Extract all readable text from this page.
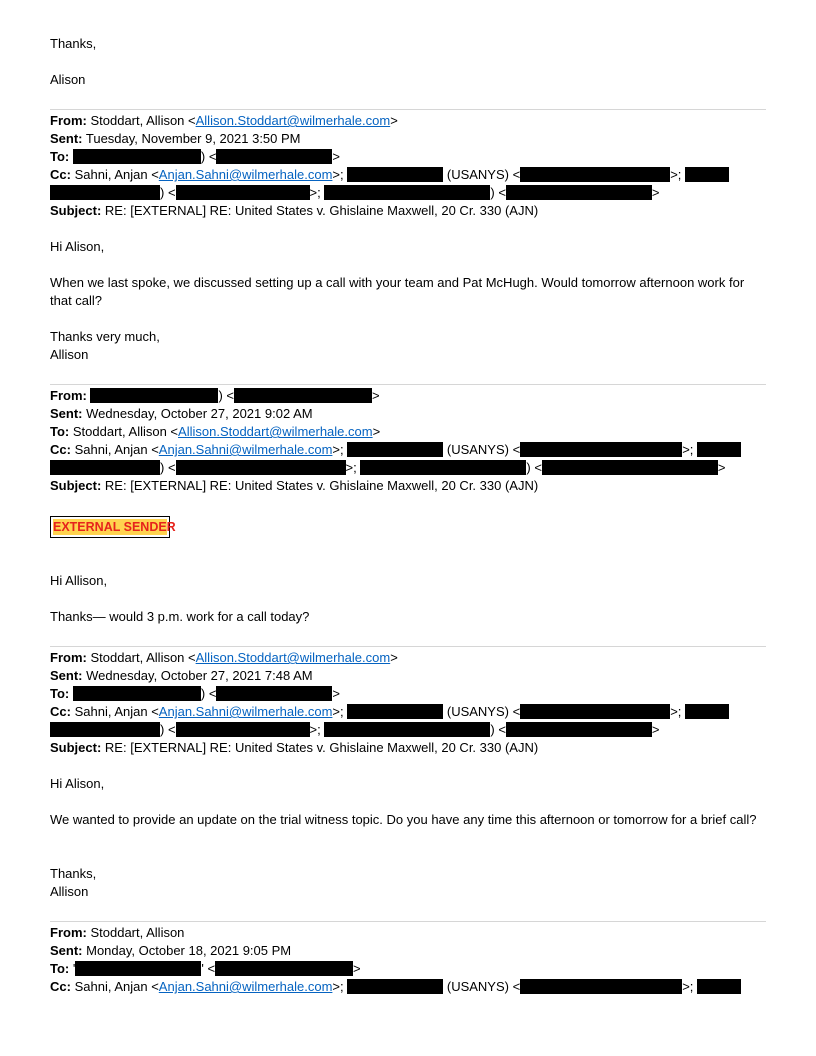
Thanks,
Alison
From: Stoddart, Allison <Allison.Stoddart@wilmerhale.com>
Sent: Tuesday, November 9, 2021 3:50 PM
To:	) <	>
Cc: Sahni, Anjan <Anjan.Sahni@wilmerhale.com>;	(USANYS) <	>;
) <	>;	) <	>
Subject: RE: [EXTERNAL] RE: United States v. Ghislaine Maxwell, 20 Cr. 330 (AJN)
Hi Alison,
When we last spoke, we discussed setting up a call with your team and Pat McHugh. Would tomorrow afternoon work for that call?
Thanks very much,
Allison
From:	) <	>
Sent: Wednesday, October 27, 2021 9:02 AM
To: Stoddart, Allison <Allison.Stoddart@wilmerhale.com>
Cc: Sahni, Anjan <Anjan.Sahni@wilmerhale.com>;	(USANYS) <	>;
) <	>;	) <	>
Subject: RE: [EXTERNAL] RE: United States v. Ghislaine Maxwell, 20 Cr. 330 (AJN)
EXTERNAL SENDER
Hi Allison,
Thanks— would 3 p.m. work for a call today?
From: Stoddart, Allison <Allison.Stoddart@wilmerhale.com>
Sent: Wednesday, October 27, 2021 7:48 AM
To:	) <	>
Cc: Sahni, Anjan <Anjan.Sahni@wilmerhale.com>;	(USANYS) <	>;
) <	>;	) <	>
Subject: RE: [EXTERNAL] RE: United States v. Ghislaine Maxwell, 20 Cr. 330 (AJN)
Hi Alison,
We wanted to provide an update on the trial witness topic. Do you have any time this afternoon or tomorrow for a brief call?
Thanks,
Allison
From: Stoddart, Allison
Sent: Monday, October 18, 2021 9:05 PM
To: '	' <	>
Cc: Sahni, Anjan <Anjan.Sahni@wilmerhale.com>;	(USANYS) <	>;
